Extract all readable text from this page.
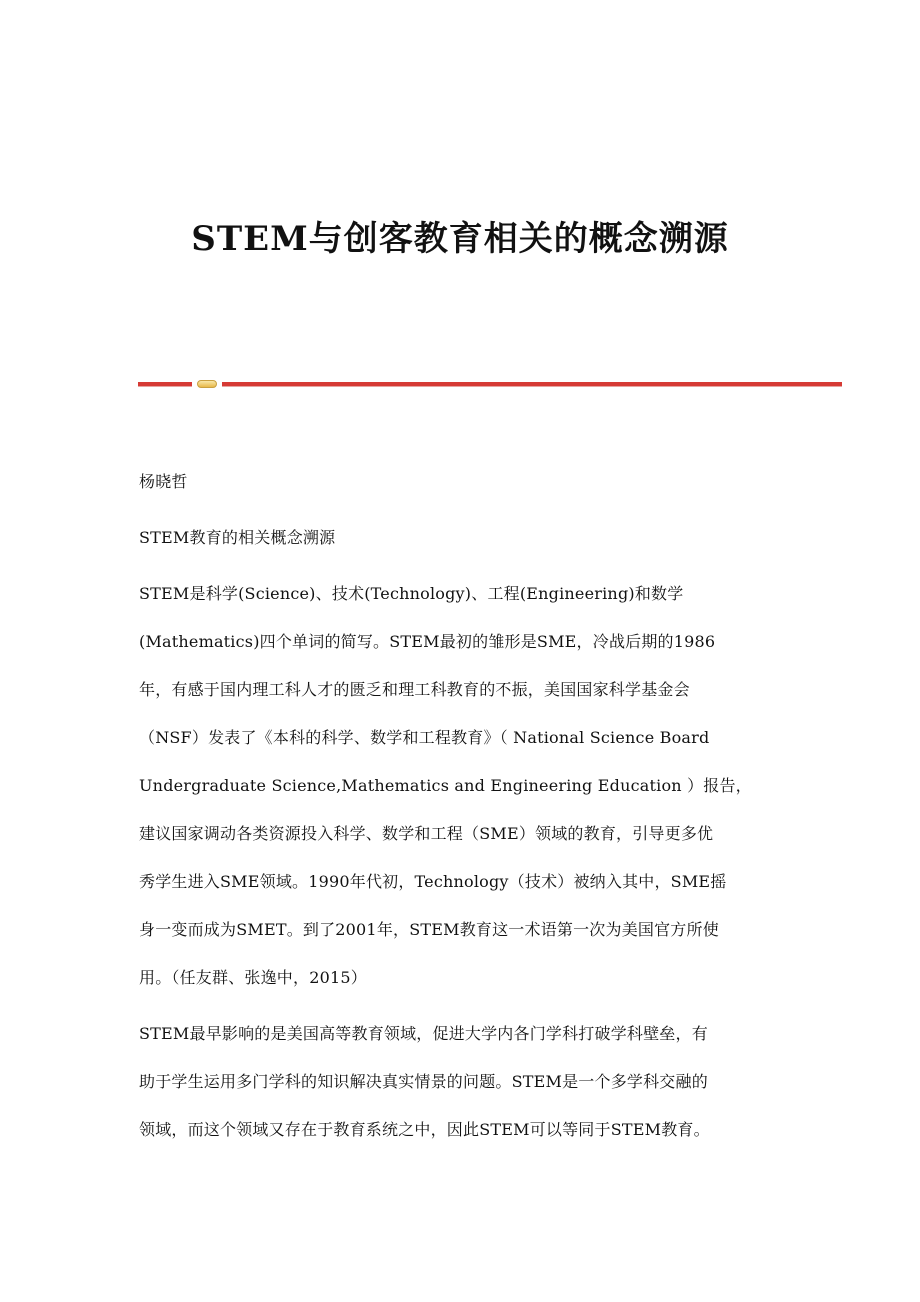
STEM与创客教育相关的概念溯源
杨晓哲
STEM教育的相关概念溯源
STEM是科学(Science)、技术(Technology)、工程(Engineering)和数学
(Mathematics)四个单词的简写。STEM最初的雏形是SME，冷战后期的1986
年，有感于国内理工科人才的匮乏和理工科教育的不振，美国国家科学基金会
（NSF）发表了《本科的科学、数学和工程教育》（ National Science Board
Undergraduate Science,Mathematics and Engineering Education ）报告，
建议国家调动各类资源投入科学、数学和工程（SME）领域的教育，引导更多优
秀学生进入SME领域。1990年代初，Technology（技术）被纳入其中，SME摇
身一变而成为SMET。到了2001年，STEM教育这一术语第一次为美国官方所使
用。（任友群、张逸中，2015）
STEM最早影响的是美国高等教育领域，促进大学内各门学科打破学科壁垒，有
助于学生运用多门学科的知识解决真实情景的问题。STEM是一个多学科交融的
领域，而这个领域又存在于教育系统之中，因此STEM可以等同于STEM教育。
